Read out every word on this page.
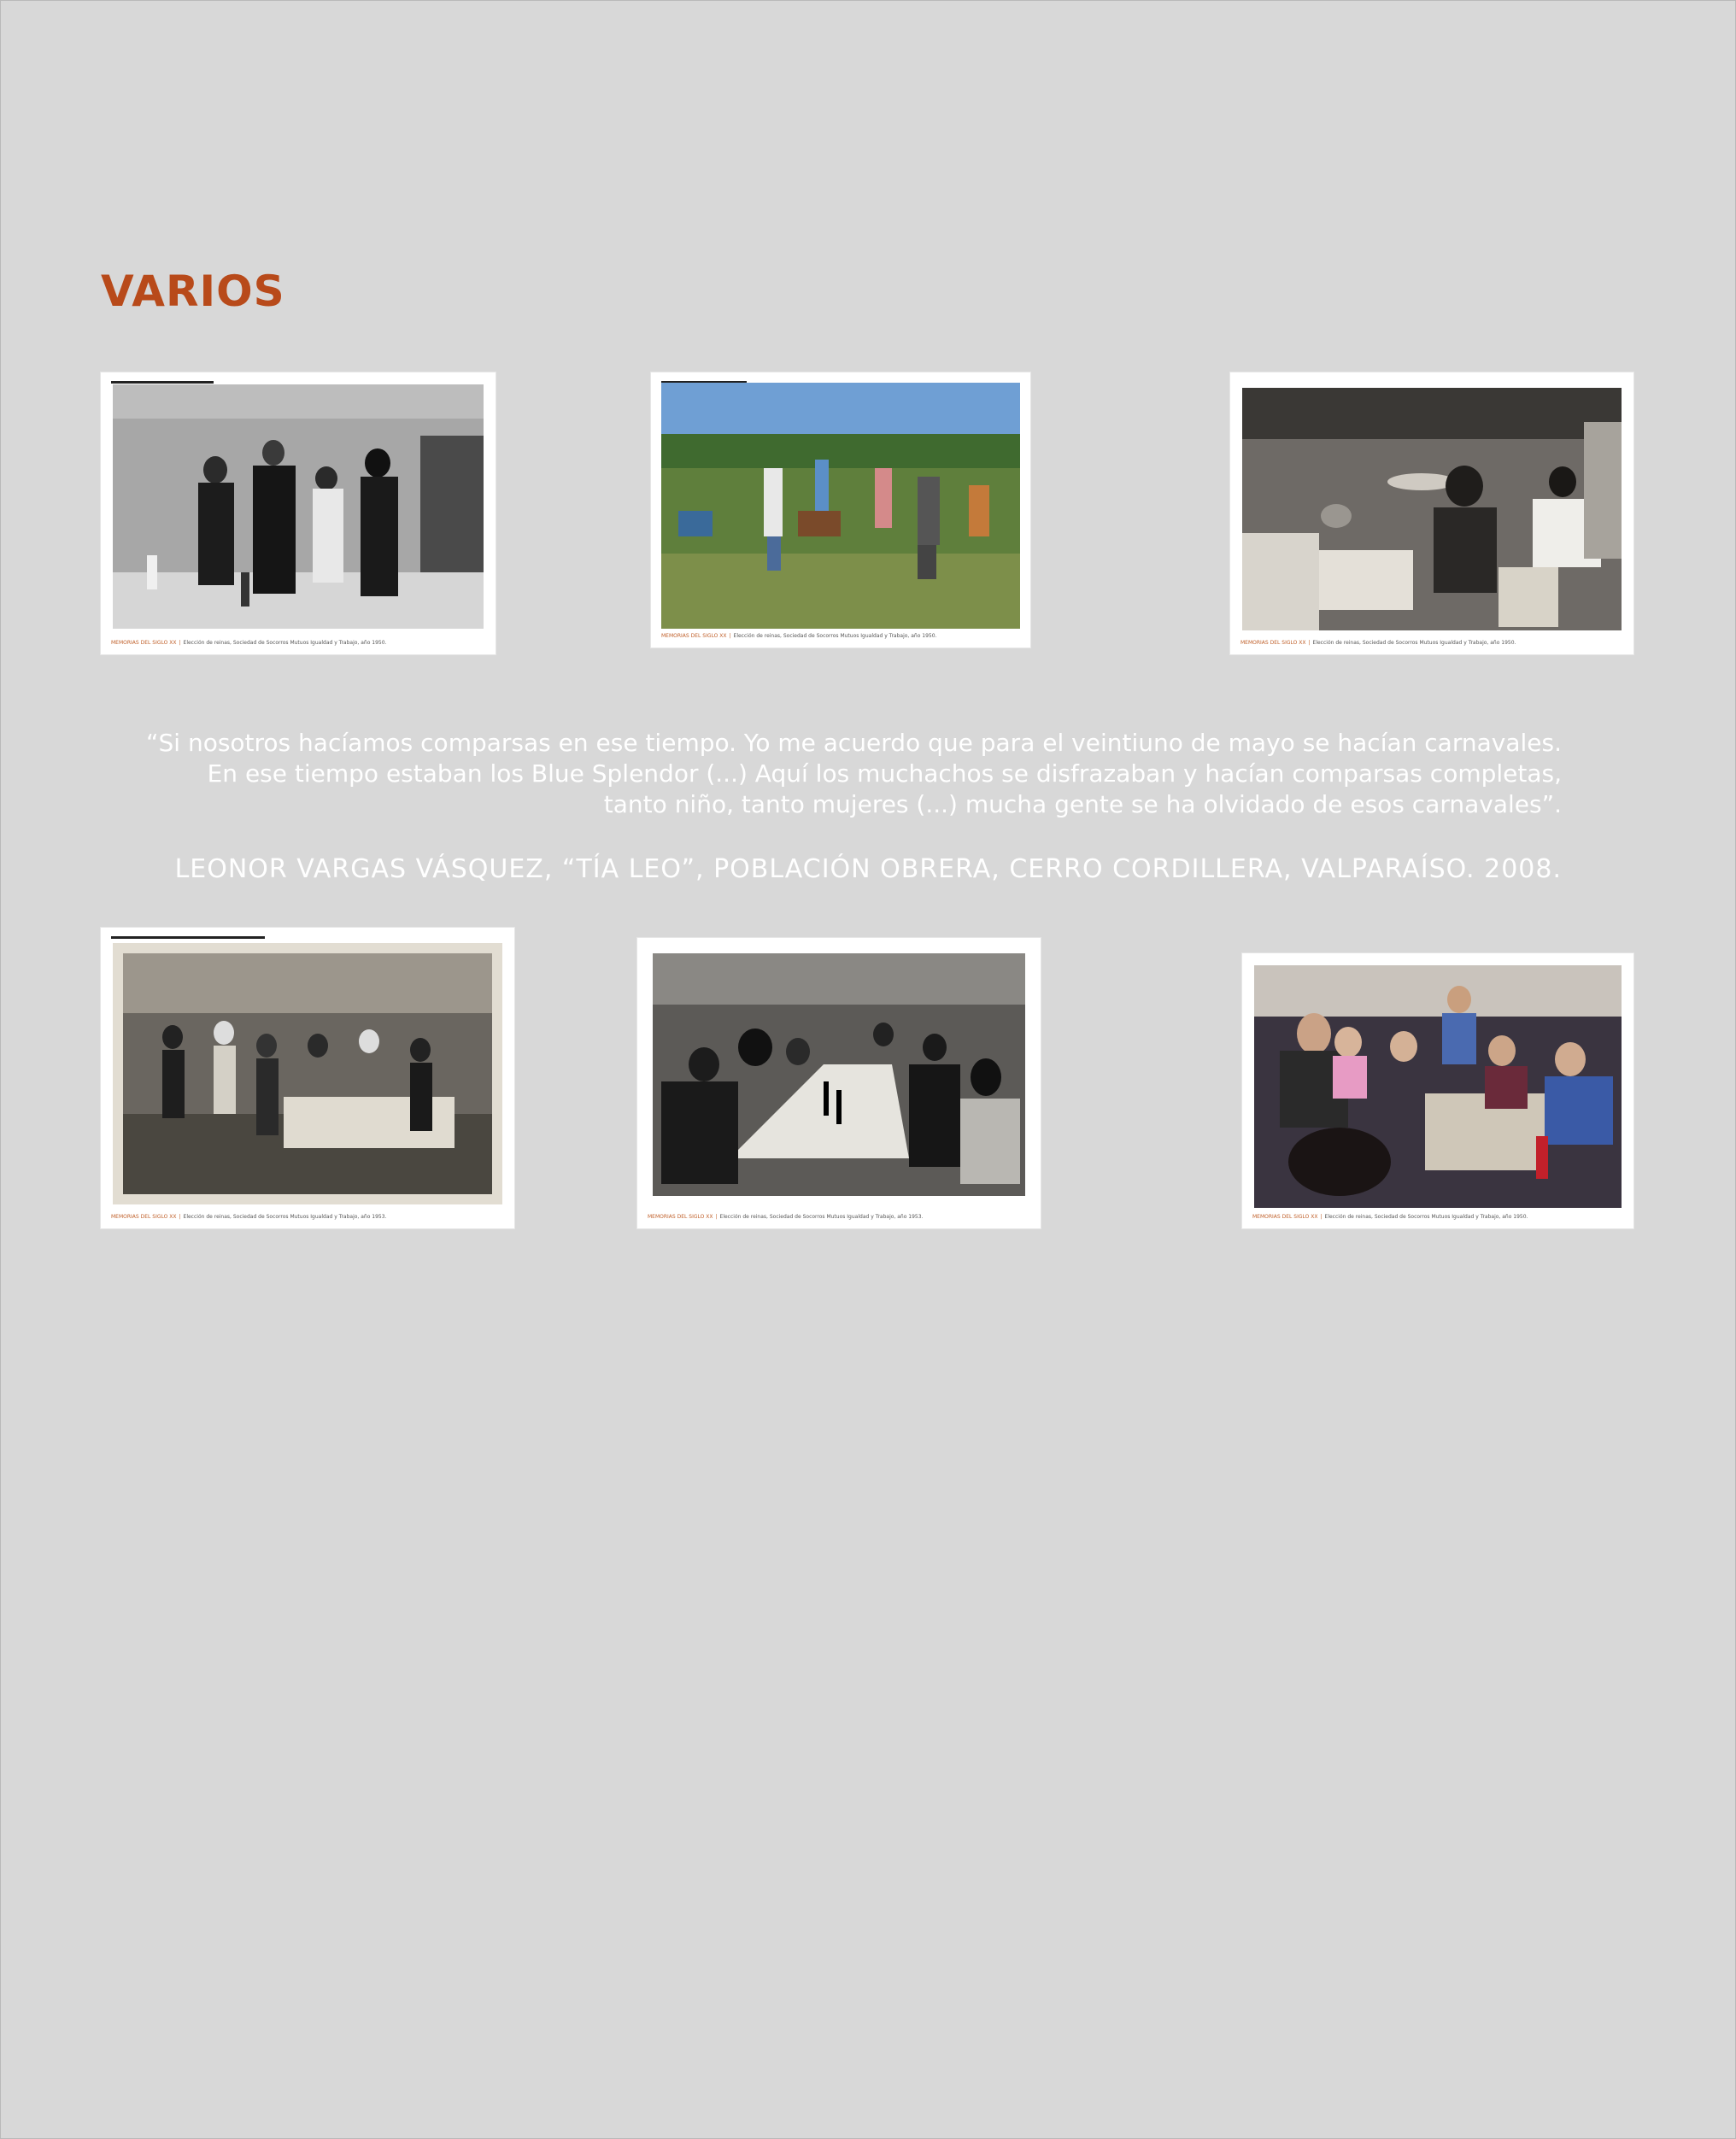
VARIOS
MEMORIAS DEL SIGLO XX | Elección de reinas, Sociedad de Socorros Mutuos Igualdad y Trabajo, año 1950.
MEMORIAS DEL SIGLO XX | Elección de reinas, Sociedad de Socorros Mutuos Igualdad y Trabajo, año 1950.
MEMORIAS DEL SIGLO XX | Elección de reinas, Sociedad de Socorros Mutuos Igualdad y Trabajo, año 1950.

“Si nosotros hacíamos comparsas en ese tiempo. Yo me acuerdo que para el veintiuno de mayo se hacían carnavales.
En ese tiempo estaban los Blue Splendor (...) Aquí los muchachos se disfrazaban y hacían comparsas completas,
tanto niño, tanto mujeres (...) mucha gente se ha olvidado de esos carnavales”.

LEONOR VARGAS VÁSQUEZ, “TÍA LEO”, POBLACIÓN OBRERA, CERRO CORDILLERA, VALPARAÍSO. 2008.
MEMORIAS DEL SIGLO XX | Elección de reinas, Sociedad de Socorros Mutuos Igualdad y Trabajo, año 1953.	MEMORIAS DEL SIGLO XX | Elección de reinas, Sociedad de Socorros Mutuos Igualdad y Trabajo, año 1953.	MEMORIAS DEL SIGLO XX | Elección de reinas, Sociedad de Socorros Mutuos Igualdad y Trabajo, año 1950.
